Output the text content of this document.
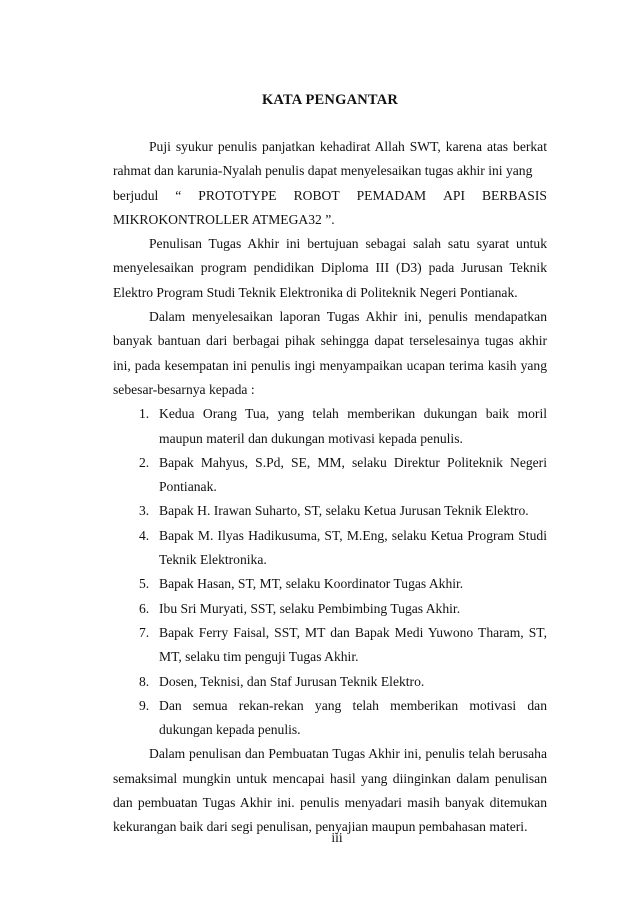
KATA PENGANTAR

Puji syukur penulis panjatkan kehadirat Allah SWT, karena atas berkat rahmat dan karunia-Nyalah penulis dapat menyelesaikan tugas akhir ini yang

berjudul “ PROTOTYPE ROBOT PEMADAM API BERBASIS

MIKROKONTROLLER ATMEGA32 ”.

Penulisan Tugas Akhir ini bertujuan sebagai salah satu syarat untuk menyelesaikan program pendidikan Diploma III (D3) pada Jurusan Teknik Elektro Program Studi Teknik Elektronika di Politeknik Negeri Pontianak.

Dalam menyelesaikan laporan Tugas Akhir ini, penulis mendapatkan banyak bantuan dari berbagai pihak sehingga dapat terselesainya tugas akhir ini, pada kesempatan ini penulis ingi menyampaikan ucapan terima kasih yang sebesar-besarnya kepada :

1. Kedua Orang Tua, yang telah memberikan dukungan baik moril maupun materil dan dukungan motivasi kepada penulis.
2. Bapak Mahyus, S.Pd, SE, MM, selaku Direktur Politeknik Negeri Pontianak.
3. Bapak H. Irawan Suharto, ST, selaku Ketua Jurusan Teknik Elektro.
4. Bapak M. Ilyas Hadikusuma, ST, M.Eng, selaku Ketua Program Studi Teknik Elektronika.
5. Bapak Hasan, ST, MT, selaku Koordinator Tugas Akhir.
6. Ibu Sri Muryati, SST, selaku Pembimbing Tugas Akhir.
7. Bapak Ferry Faisal, SST, MT dan Bapak Medi Yuwono Tharam, ST, MT, selaku tim penguji Tugas Akhir.
8. Dosen, Teknisi, dan Staf Jurusan Teknik Elektro.
9. Dan semua rekan-rekan yang telah memberikan motivasi dan dukungan kepada penulis.

Dalam penulisan dan Pembuatan Tugas Akhir ini, penulis telah berusaha semaksimal mungkin untuk mencapai hasil yang diinginkan dalam penulisan dan pembuatan Tugas Akhir ini. penulis menyadari masih banyak ditemukan kekurangan baik dari segi penulisan, penyajian maupun pembahasan materi.

iii
